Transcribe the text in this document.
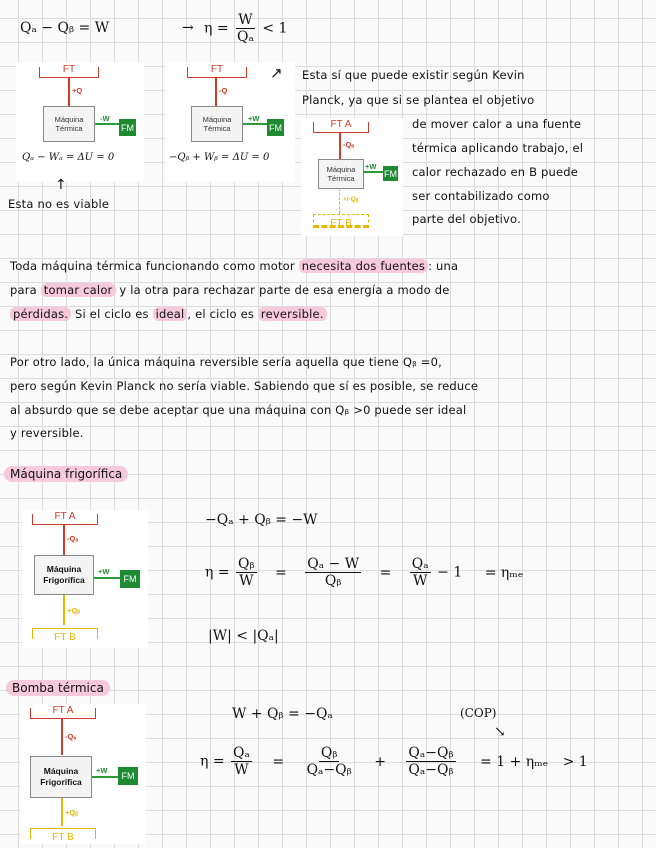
Qₐ − Qᵦ = W	→ $\eta = \frac{W}{\text{Qₐ}} < 1$
FT
+Q
Máquina
Térmica
-W
FM
Qₐ − Wₐ = ΔU = 0
FT
-Q
Máquina
Térmica
+W
FM
−Qᵦ + Wᵦ = ΔU = 0
FT A
-Qₐ
Máquina
Térmica
+W
FM
+/-Qᵦ
FT B
↑
Esta no es viable
↗ Esta sí que puede existir según Kevin
Planck, ya que si se plantea el objetivo
de mover calor a una fuente
térmica aplicando trabajo, el
calor rechazado en B puede
ser contabilizado como
parte del objetivo.
Toda máquina térmica funcionando como motor necesita dos fuentes : una
para tomar calor y la otra para rechazar parte de esa energía a modo de
pérdidas. Si el ciclo es ideal , el ciclo es reversible.
Por otro lado, la única máquina reversible sería aquella que tiene Qᵦ =0,
pero según Kevin Planck no sería viable. Sabiendo que sí es posible, se reduce
al absurdo que se debe aceptar que una máquina con Qᵦ >0 puede ser ideal
y reversible.
Máquina frigorífica
FT A
-Qₐ
Máquina
Frigorífica
+W
FM
+Qᵦ
FT B
−Qₐ + Qᵦ = −W
$\eta = \frac{\text{Qᵦ}}{W} = \frac{\text{Qₐ − W}}{\text{Qᵦ}} = \frac{\text{Qₐ}}{W} - 1 = \eta_{me}$
|W| < |Qₐ|
Bomba térmica
FT A
-Qₐ
Máquina
Frigorífica
+W
FM
+Qᵦ
FT B
W + Qᵦ = −Qₐ	(COP)
↘
$\eta = \frac{\text{Qₐ}}{W} = \frac{\text{Qᵦ}}{\text{Qₐ−Qᵦ}} + \frac{\text{Qₐ−Qᵦ}}{\text{Qₐ−Qᵦ}} = 1 + \eta_{me} > 1$
